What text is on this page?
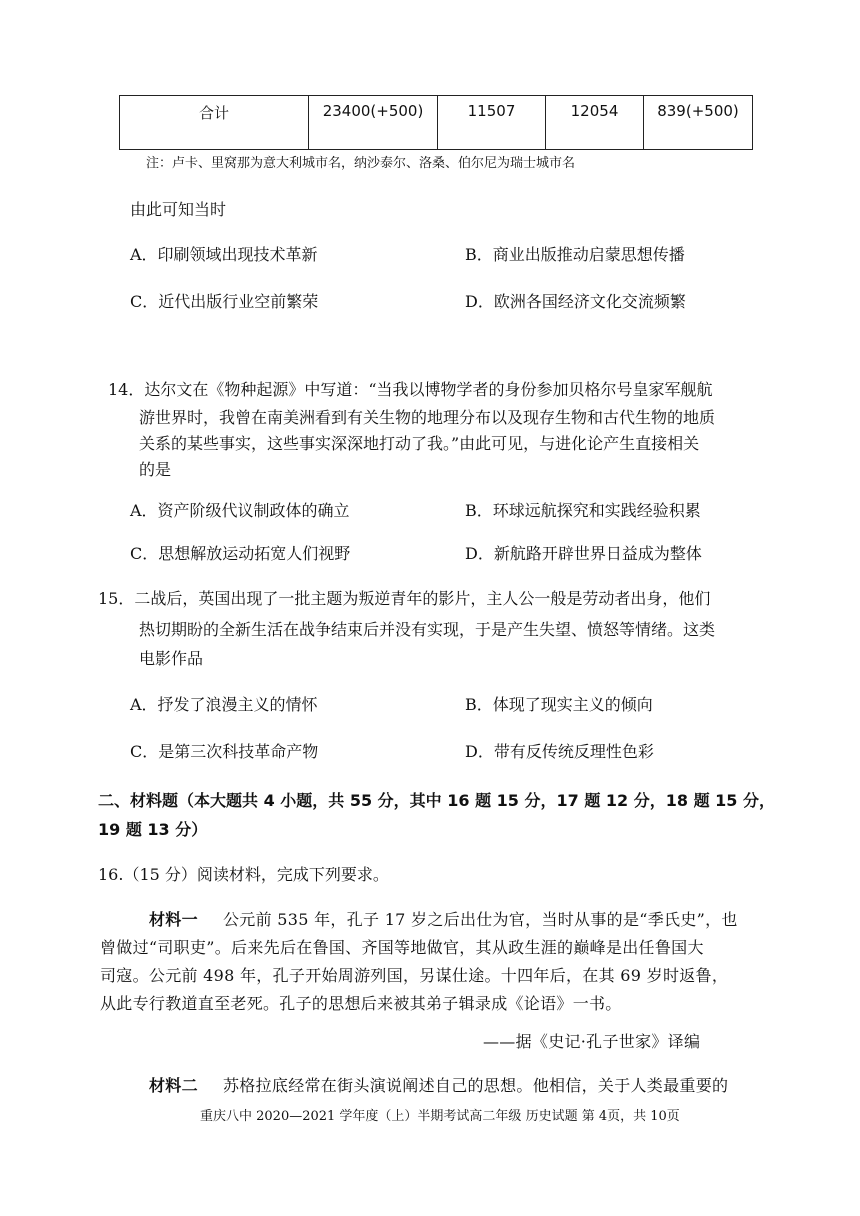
合计	23400(+500)	11507	12054	839(+500)
注：卢卡、里窝那为意大利城市名，纳沙泰尔、洛桑、伯尔尼为瑞士城市名
由此可知当时
A．印刷领域出现技术革新	B．商业出版推动启蒙思想传播
C．近代出版行业空前繁荣	D．欧洲各国经济文化交流频繁
14．达尔文在《物种起源》中写道：“当我以博物学者的身份参加贝格尔号皇家军舰航
游世界时，我曾在南美洲看到有关生物的地理分布以及现存生物和古代生物的地质
关系的某些事实，这些事实深深地打动了我。”由此可见，与进化论产生直接相关
的是
A．资产阶级代议制政体的确立	B．环球远航探究和实践经验积累
C．思想解放运动拓宽人们视野	D．新航路开辟世界日益成为整体
15．二战后，英国出现了一批主题为叛逆青年的影片，主人公一般是劳动者出身，他们
热切期盼的全新生活在战争结束后并没有实现，于是产生失望、愤怒等情绪。这类
电影作品
A．抒发了浪漫主义的情怀	B．体现了现实主义的倾向
C．是第三次科技革命产物	D．带有反传统反理性色彩
二、材料题（本大题共 4 小题，共 55 分，其中 16 题 15 分，17 题 12 分，18 题 15 分，
19 题 13 分）
16.（15 分）阅读材料，完成下列要求。
材料一 公元前 535 年，孔子 17 岁之后出仕为官，当时从事的是“季氏史”，也
曾做过“司职吏”。后来先后在鲁国、齐国等地做官，其从政生涯的巅峰是出任鲁国大
司寇。公元前 498 年，孔子开始周游列国，另谋仕途。十四年后，在其 69 岁时返鲁，
从此专行教道直至老死。孔子的思想后来被其弟子辑录成《论语》一书。
——据《史记·孔子世家》译编
材料二 苏格拉底经常在街头演说阐述自己的思想。他相信，关于人类最重要的
重庆八中 2020—2021 学年度（上）半期考试高二年级 历史试题 第 4页，共 10页
